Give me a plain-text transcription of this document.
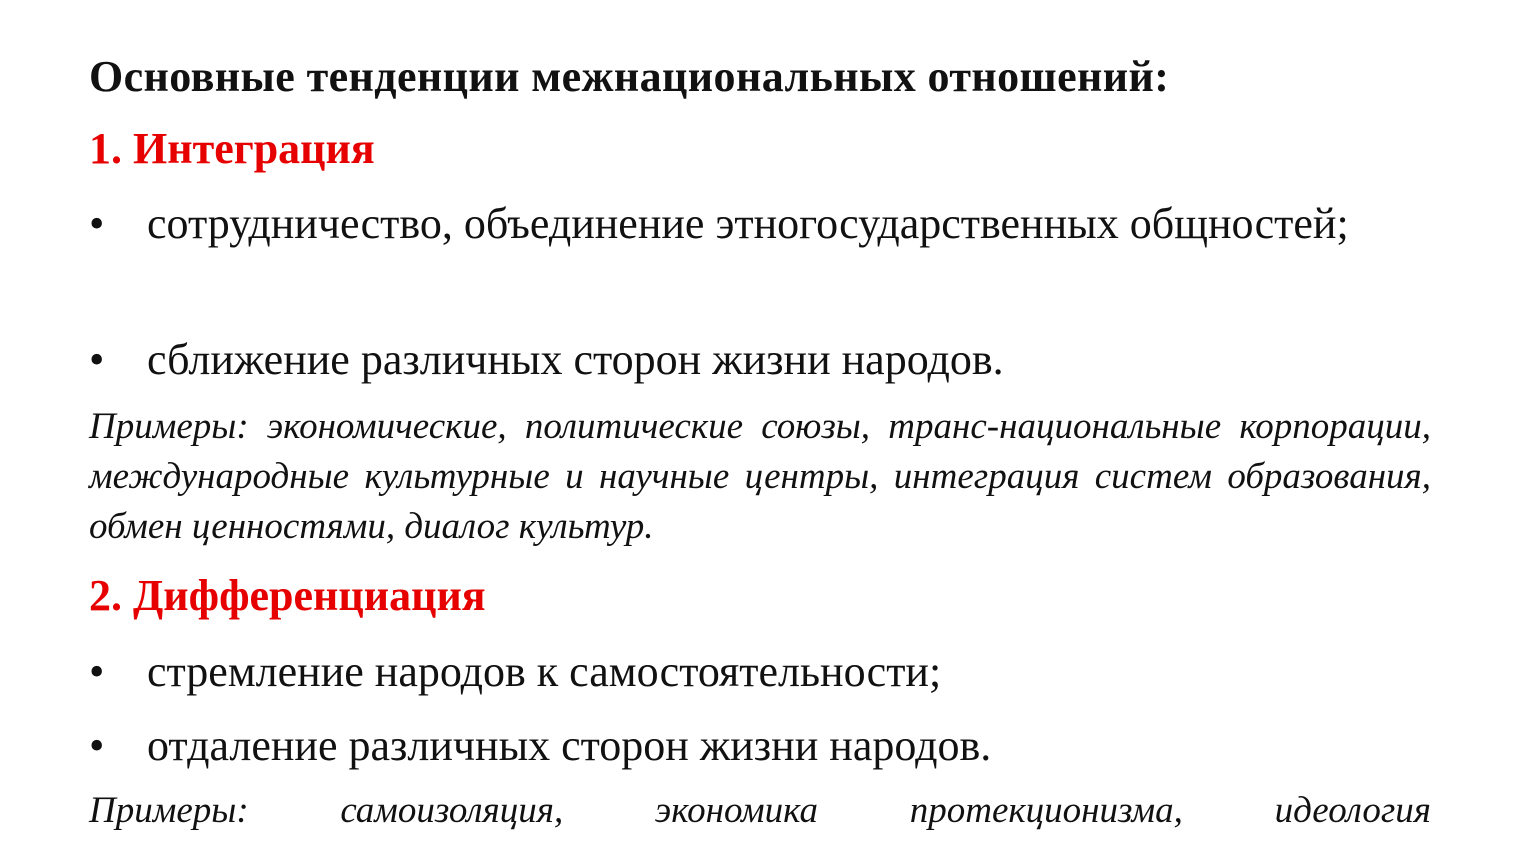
Основные тенденции межнациональных отношений:
1. Интеграция
• сотрудничество, объединение этногосударственных общностей;
• сближение различных сторон жизни народов.
Примеры: экономические, политические союзы, транс-национальные корпорации, международные культурные и научные центры, интеграция систем образования, обмен ценностями, диалог культур.
2. Дифференциация
• стремление народов к самостоятельности;
• отдаление различных сторон жизни народов.
Примеры: самоизоляция, экономика протекционизма, идеология
